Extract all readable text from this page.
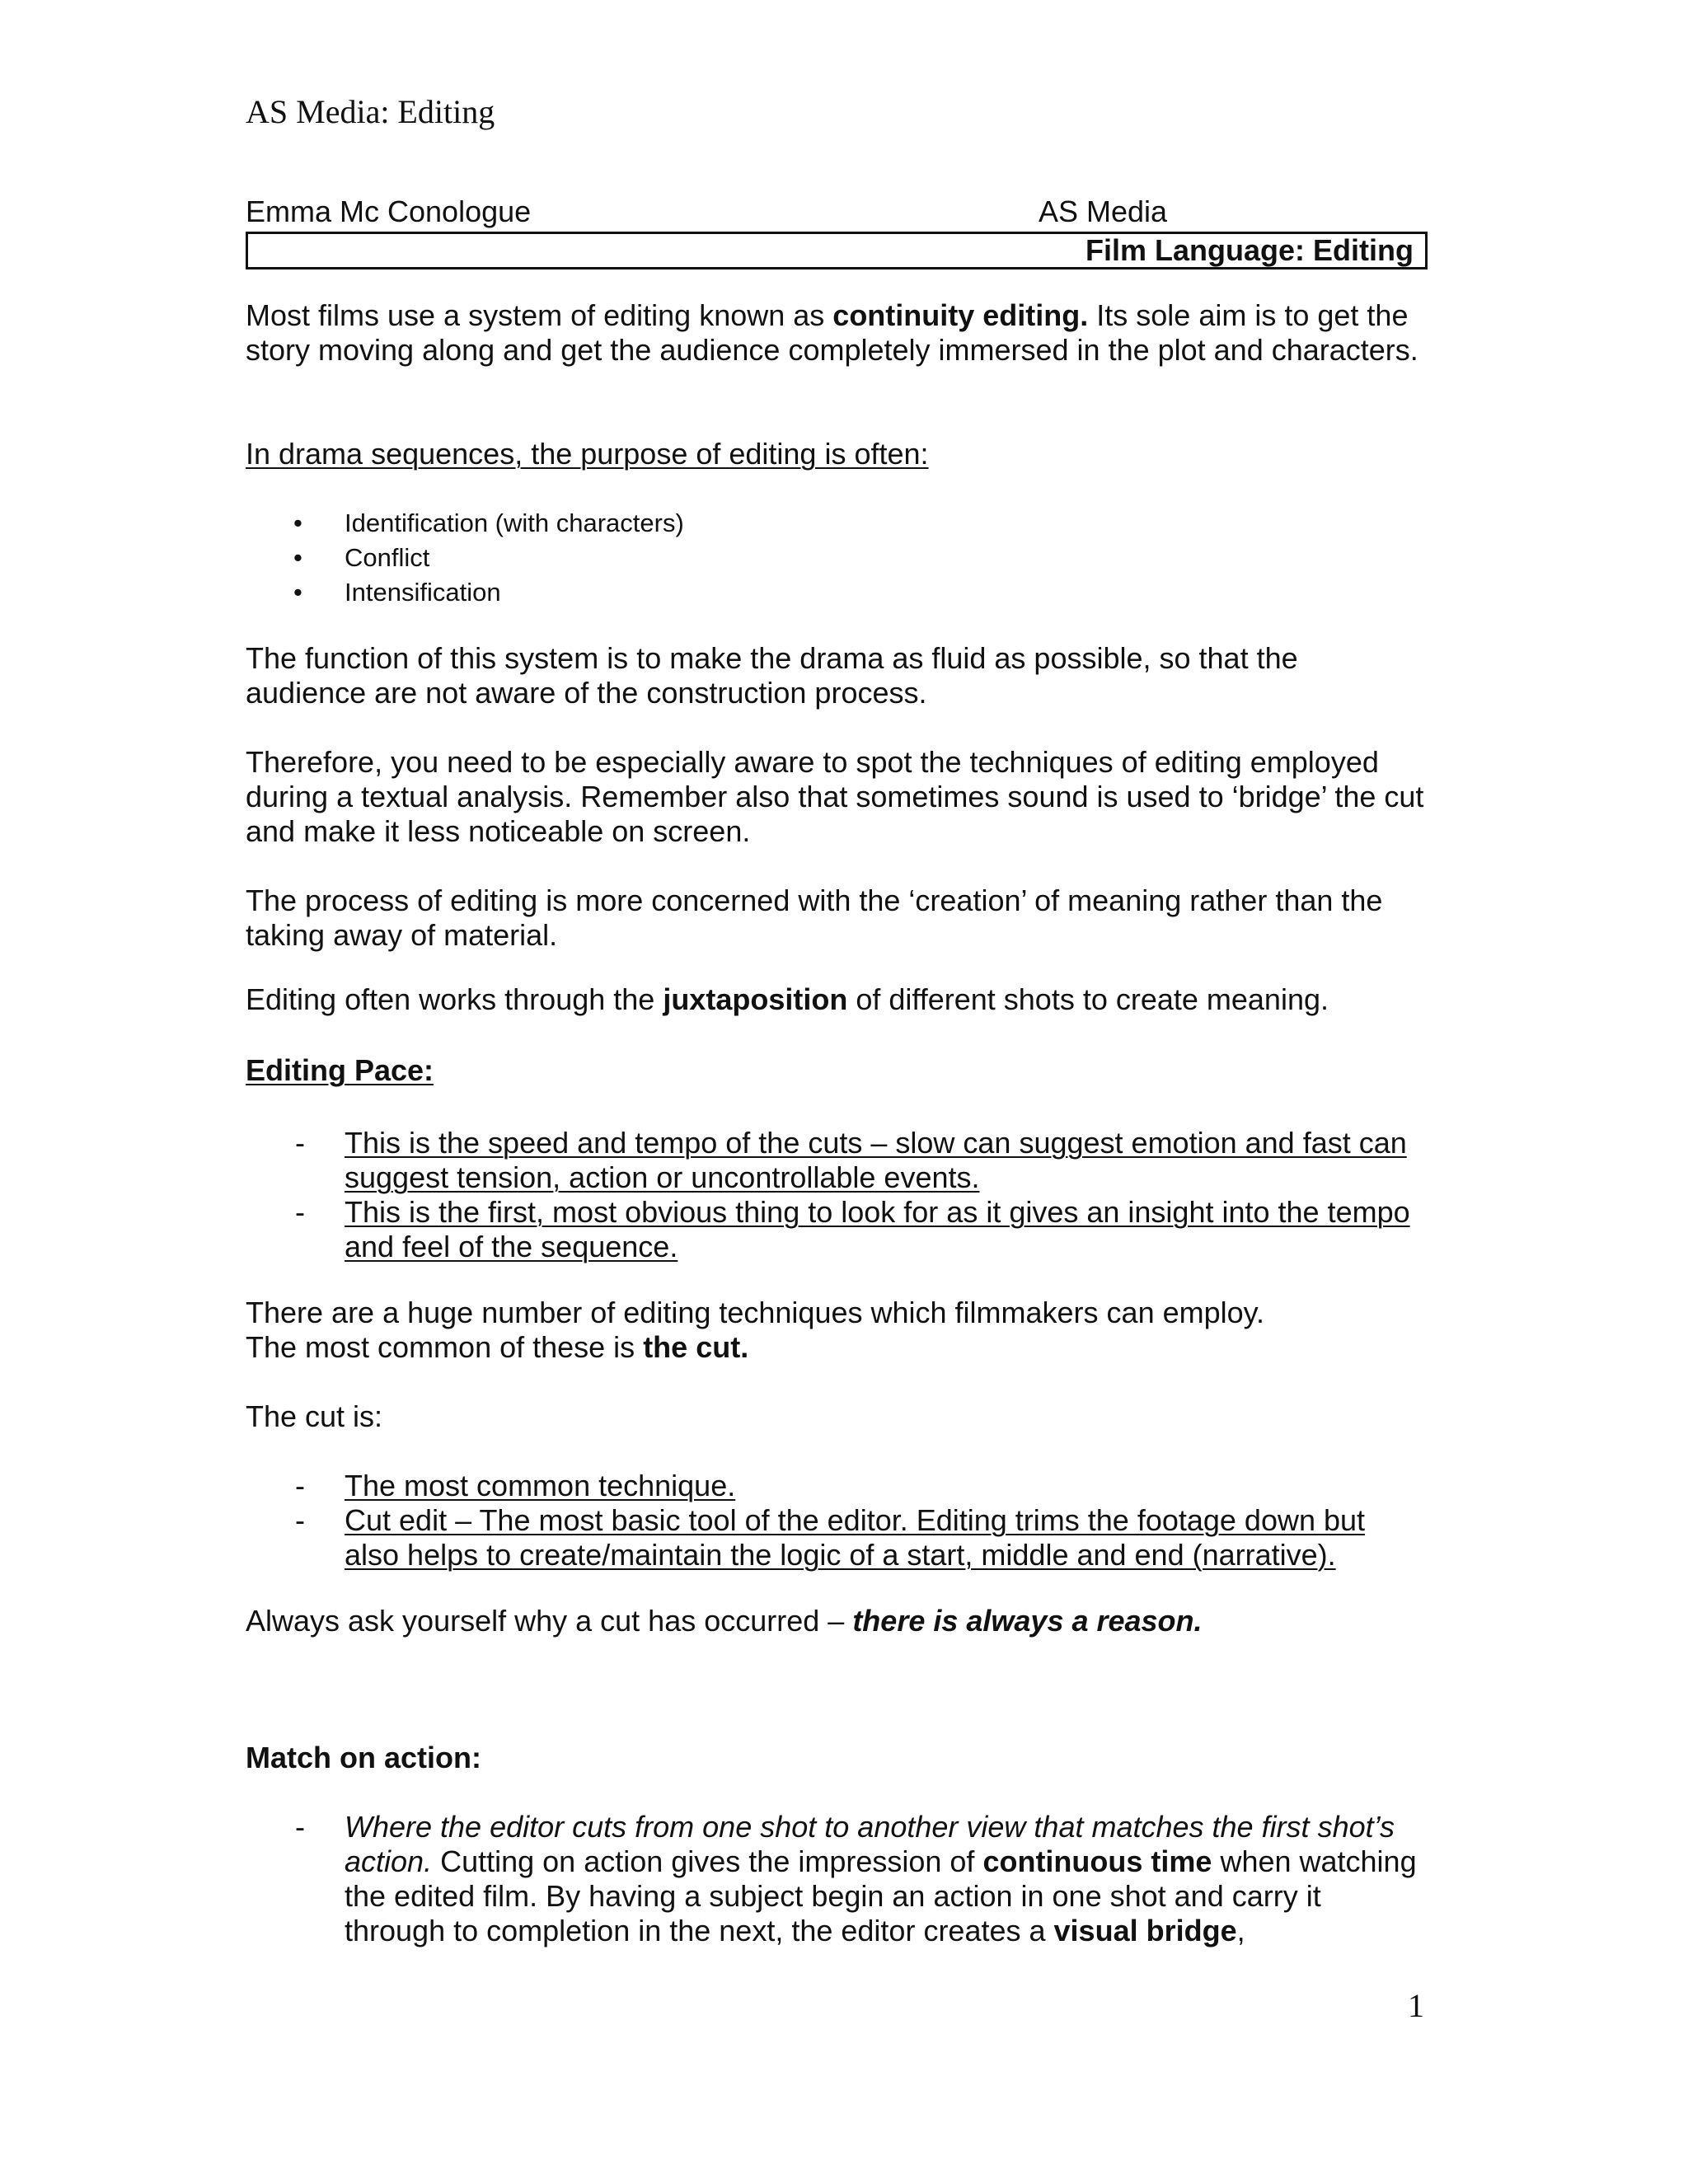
AS Media: Editing
Emma Mc Conologue	AS Media
Film Language: Editing

Most films use a system of editing known as continuity editing. Its sole aim is to get the story moving along and get the audience completely immersed in the plot and characters.

In drama sequences, the purpose of editing is often:

• Identification (with characters)
• Conflict
• Intensification

The function of this system is to make the drama as fluid as possible, so that the audience are not aware of the construction process.

Therefore, you need to be especially aware to spot the techniques of editing employed during a textual analysis. Remember also that sometimes sound is used to ‘bridge’ the cut and make it less noticeable on screen.

The process of editing is more concerned with the ‘creation’ of meaning rather than the taking away of material.

Editing often works through the juxtaposition of different shots to create meaning.

Editing Pace:

- This is the speed and tempo of the cuts – slow can suggest emotion and fast can suggest tension, action or uncontrollable events.
- This is the first, most obvious thing to look for as it gives an insight into the tempo and feel of the sequence.

There are a huge number of editing techniques which filmmakers can employ.
The most common of these is the cut.

The cut is:

- The most common technique.
- Cut edit – The most basic tool of the editor. Editing trims the footage down but also helps to create/maintain the logic of a start, middle and end (narrative).

Always ask yourself why a cut has occurred – there is always a reason.

Match on action:

- Where the editor cuts from one shot to another view that matches the first shot’s action. Cutting on action gives the impression of continuous time when watching the edited film. By having a subject begin an action in one shot and carry it through to completion in the next, the editor creates a visual bridge,
1
